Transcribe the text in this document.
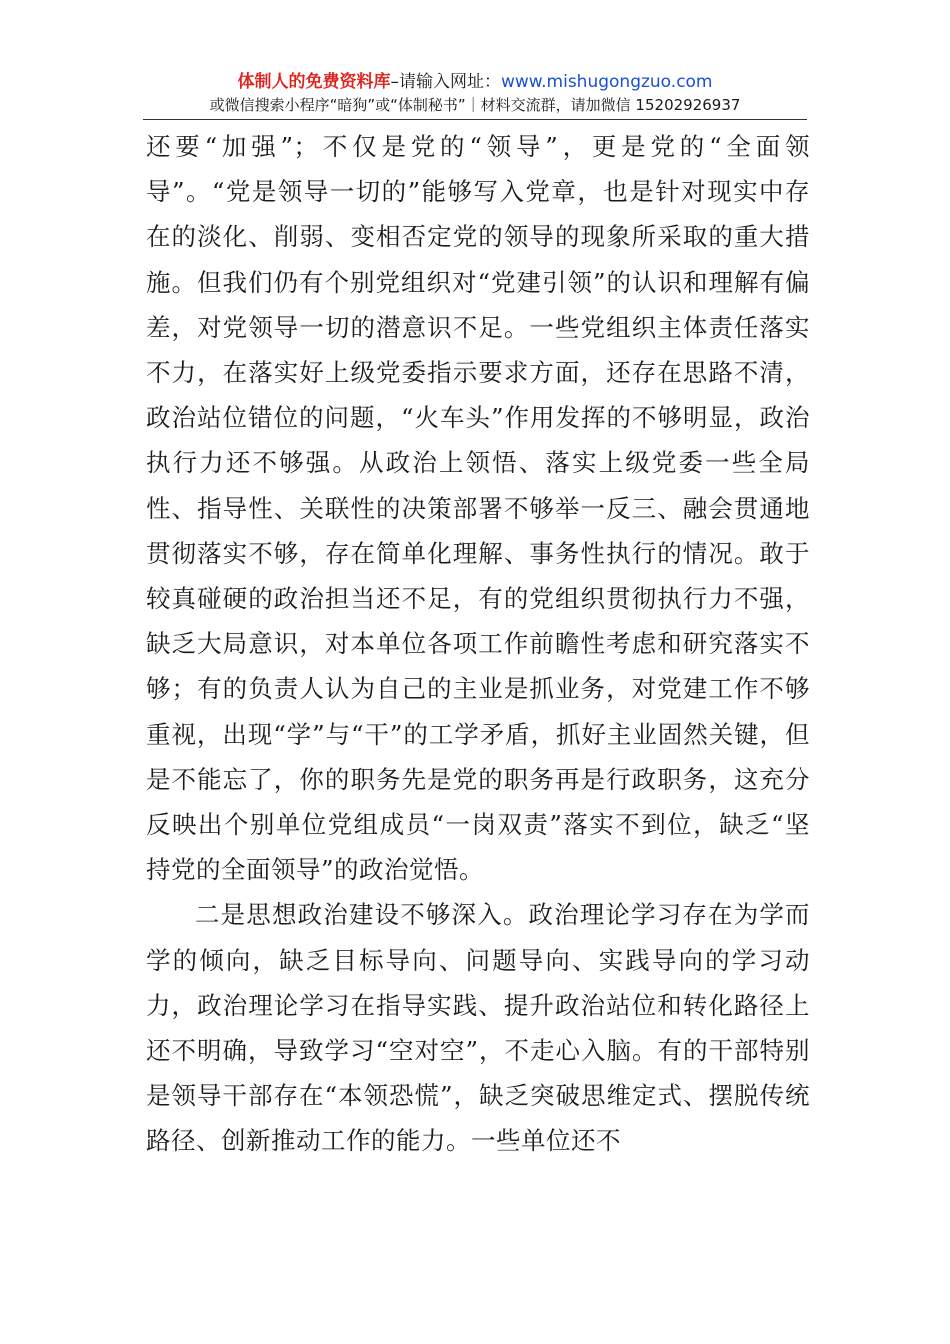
体制人的免费资料库–请输入网址：www.mishugongzuo.com
或微信搜索小程序“暗狗”或“体制秘书”｜材料交流群，请加微信 15202926937

还要“加强”；不仅是党的“领导”，更是党的“全面领导”。“党是领导一切的”能够写入党章，也是针对现实中存在的淡化、削弱、变相否定党的领导的现象所采取的重大措施。但我们仍有个别党组织对“党建引领”的认识和理解有偏差，对党领导一切的潜意识不足。一些党组织主体责任落实不力，在落实好上级党委指示要求方面，还存在思路不清，政治站位错位的问题，“火车头”作用发挥的不够明显，政治执行力还不够强。从政治上领悟、落实上级党委一些全局性、指导性、关联性的决策部署不够举一反三、融会贯通地贯彻落实不够，存在简单化理解、事务性执行的情况。敢于较真碰硬的政治担当还不足，有的党组织贯彻执行力不强，缺乏大局意识，对本单位各项工作前瞻性考虑和研究落实不够；有的负责人认为自己的主业是抓业务，对党建工作不够重视，出现“学”与“干”的工学矛盾，抓好主业固然关键，但是不能忘了，你的职务先是党的职务再是行政职务，这充分反映出个别单位党组成员“一岗双责”落实不到位，缺乏“坚持党的全面领导”的政治觉悟。

二是思想政治建设不够深入。政治理论学习存在为学而学的倾向，缺乏目标导向、问题导向、实践导向的学习动力，政治理论学习在指导实践、提升政治站位和转化路径上还不明确，导致学习“空对空”，不走心入脑。有的干部特别是领导干部存在“本领恐慌”，缺乏突破思维定式、摆脱传统路径、创新推动工作的能力。一些单位还不
